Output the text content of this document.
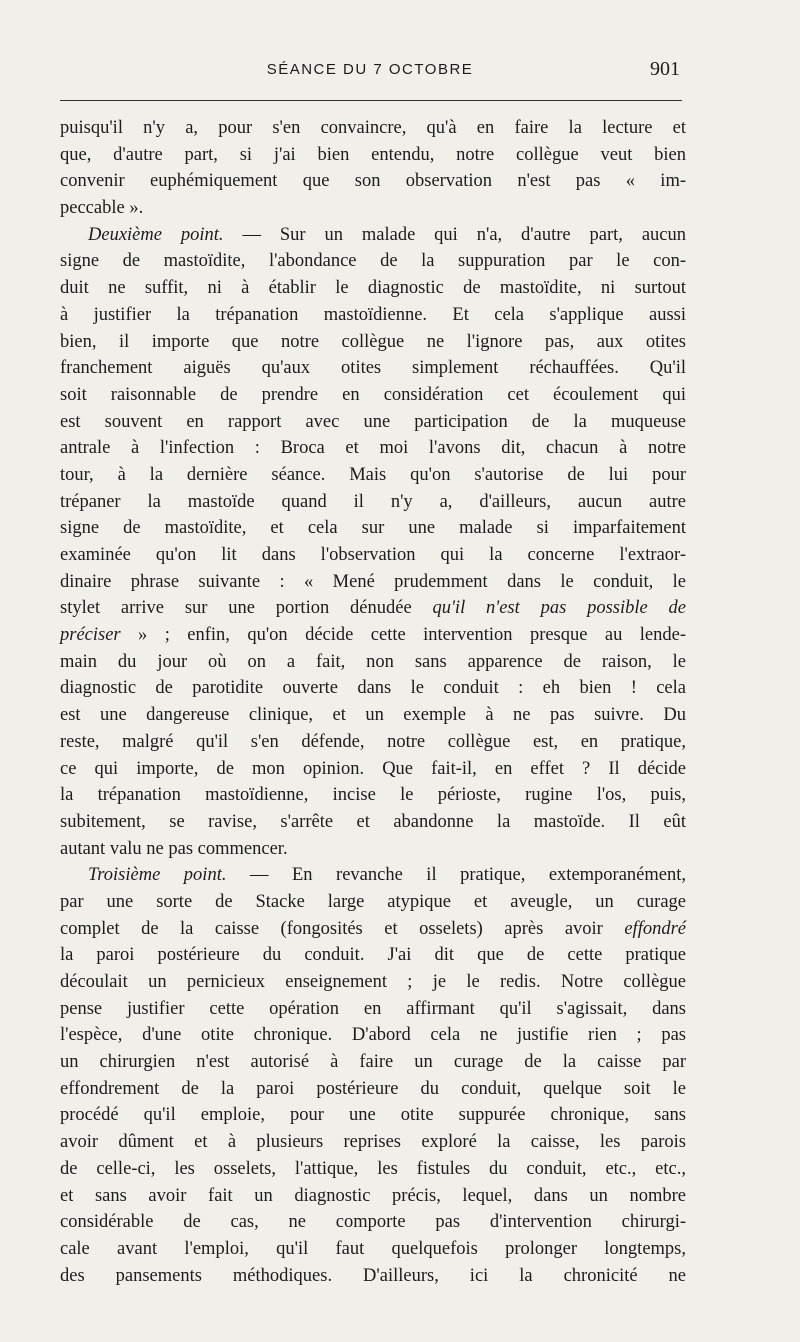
SÉANCE DU 7 OCTOBRE	901
puisqu'il n'y a, pour s'en convaincre, qu'à en faire la lecture et
que, d'autre part, si j'ai bien entendu, notre collègue veut bien
convenir euphémiquement que son observation n'est pas « im-
peccable ».
Deuxième point. — Sur un malade qui n'a, d'autre part, aucun
signe de mastoïdite, l'abondance de la suppuration par le con-
duit ne suffit, ni à établir le diagnostic de mastoïdite, ni surtout
à justifier la trépanation mastoïdienne. Et cela s'applique aussi
bien, il importe que notre collègue ne l'ignore pas, aux otites
franchement aiguës qu'aux otites simplement réchauffées. Qu'il
soit raisonnable de prendre en considération cet écoulement qui
est souvent en rapport avec une participation de la muqueuse
antrale à l'infection : Broca et moi l'avons dit, chacun à notre
tour, à la dernière séance. Mais qu'on s'autorise de lui pour
trépaner la mastoïde quand il n'y a, d'ailleurs, aucun autre
signe de mastoïdite, et cela sur une malade si imparfaitement
examinée qu'on lit dans l'observation qui la concerne l'extraor-
dinaire phrase suivante : « Mené prudemment dans le conduit, le
stylet arrive sur une portion dénudée qu'il n'est pas possible de
préciser » ; enfin, qu'on décide cette intervention presque au lende-
main du jour où on a fait, non sans apparence de raison, le
diagnostic de parotidite ouverte dans le conduit : eh bien ! cela
est une dangereuse clinique, et un exemple à ne pas suivre. Du
reste, malgré qu'il s'en défende, notre collègue est, en pratique,
ce qui importe, de mon opinion. Que fait-il, en effet ? Il décide
la trépanation mastoïdienne, incise le périoste, rugine l'os, puis,
subitement, se ravise, s'arrête et abandonne la mastoïde. Il eût
autant valu ne pas commencer.
Troisième point. — En revanche il pratique, extemporanément,
par une sorte de Stacke large atypique et aveugle, un curage
complet de la caisse (fongosités et osselets) après avoir effondré
la paroi postérieure du conduit. J'ai dit que de cette pratique
découlait un pernicieux enseignement ; je le redis. Notre collègue
pense justifier cette opération en affirmant qu'il s'agissait, dans
l'espèce, d'une otite chronique. D'abord cela ne justifie rien ; pas
un chirurgien n'est autorisé à faire un curage de la caisse par
effondrement de la paroi postérieure du conduit, quelque soit le
procédé qu'il emploie, pour une otite suppurée chronique, sans
avoir dûment et à plusieurs reprises exploré la caisse, les parois
de celle-ci, les osselets, l'attique, les fistules du conduit, etc., etc.,
et sans avoir fait un diagnostic précis, lequel, dans un nombre
considérable de cas, ne comporte pas d'intervention chirurgi-
cale avant l'emploi, qu'il faut quelquefois prolonger longtemps,
des pansements méthodiques. D'ailleurs, ici la chronicité ne
